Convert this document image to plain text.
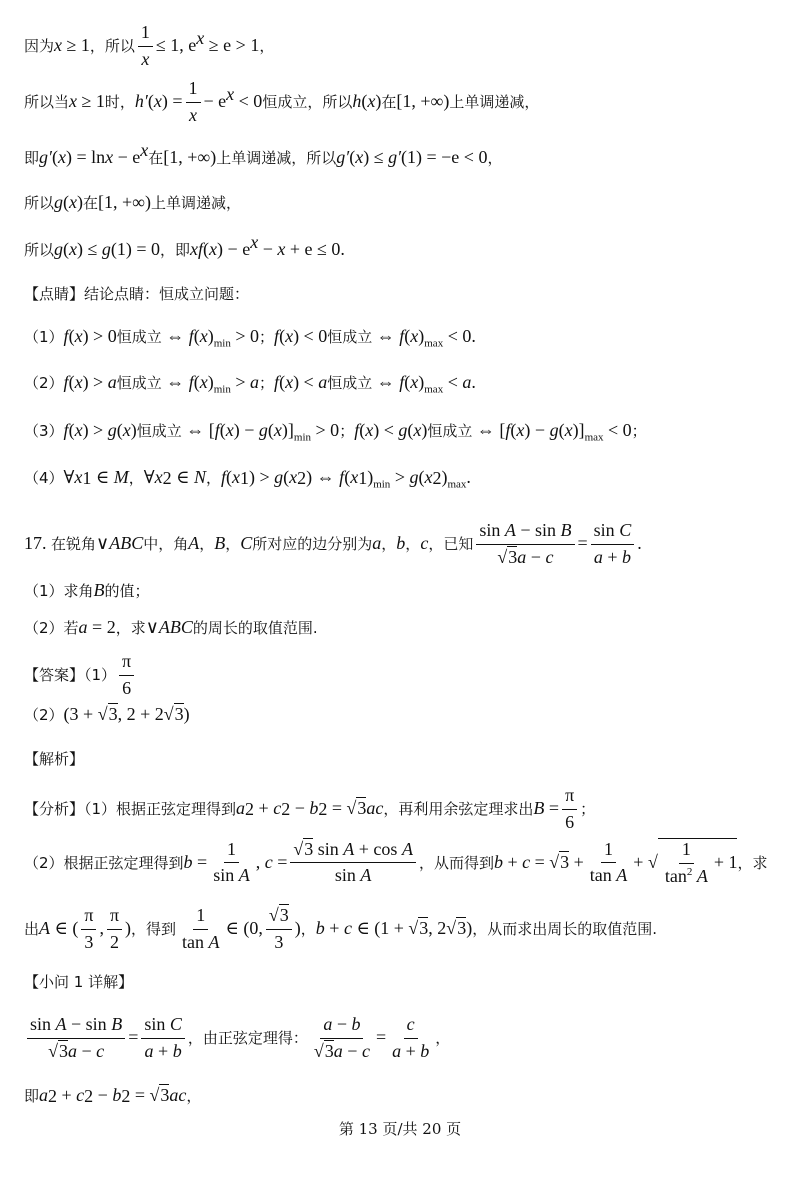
因为 x ≥ 1 ，所以 $\frac{1}{x} \le 1$, $e^x \ge e > 1$ ，
所以当 x ≥ 1 时， h′ ( x ) = $\frac{1}{x} - e^x < 0$ 恒成立，所以 h ( x ) 在 [1, +∞) 上单调递减，
即 g′ ( x ) = $\ln x - e^x$ 在 [1, +∞) 上单调递减，所以 g′ ( x ) ≤ g′ (1) = −e < 0 ，
所以 g ( x ) 在 [1, +∞) 上单调递减，
所以 g ( x ) ≤ g (1) = 0 ，即 xf ( x ) − $e^x - x + e \le 0$.
【点睛】结论点睛：恒成立问题：
（1） f ( x ) > 0 恒成立 ⇔ f ( x )$_{min} > 0$ ； f ( x ) < 0 恒成立 ⇔ f ( x )$_{max} < 0$.
（2） f ( x ) > a 恒成立 ⇔ f ( x )$_{min} > a$ ； f ( x ) < a 恒成立 ⇔ f ( x )$_{max} < a$ .
（3） f ( x ) > g ( x ) 恒成立 ⇔ [ f ( x ) − g ( x )]$_{min} > 0$ ； f ( x ) < g ( x ) 恒成立 ⇔ [ f ( x ) − g ( x )]$_{max} < 0$ ；
（4） ∀ x 1 ∈ M ， ∀ x 2 ∈ N ， f ( x 1 ) > g ( x 2 ) ⇔ f ( x 1 )$_{min} > g$ ( x 2 )$_{max}$.
17. 在锐角 ∨ ABC 中，角 A ， B ， C 所对应的边分别为 a ， b ， c ，已知 $\frac{\text{sin A − sin B}}{√3a - c} = \frac{\text{sin C}}{a + b}$ .
（1）求角 B 的值；
（2）若 a = 2 ，求 ∨ ABC 的周长的取值范围.
【答案】$(1) \frac{\pi}{6}$
（2） (3 + √3, 2 + 2√3)
【解析】
【分析】（1）根据正弦定理得到 a 2 + c 2 − b 2 = √3 ac ，再利用余弦定理求出 $B = \frac{\pi}{6}$ ；
（2）根据正弦定理得到 $b = \frac{1}{\text{sin A}}$ , $c = \frac{\text{√3 sin A + cos A}}{\text{sin A}}$ ，从而得到 $b + c = √3 + \frac{1}{\text{tan A}}$ + √ $\frac{1}{\tan^2 A} + 1$ ，求
出 A ∈ ( $\frac{\pi}{3}$ , $\frac{\pi}{2}$ ) ，得到 $\frac{1}{\text{tan A}}$ ∈ (0, $\frac{√3}{3}$ ) ， b + c ∈ (1 + √3, 2√3) ，从而求出周长的取值范围.
【小问 1 详解】
$\frac{\text{sin A − sin B}}{√3a - c} = \frac{\text{sin C}}{a + b}$ ，由正弦定理得： $\frac{a - b}{√3a - c} = \frac{c}{a + b}$ ，
即 a 2 + c 2 − b 2 = √3 ac ，
第 13 页/共 20 页
